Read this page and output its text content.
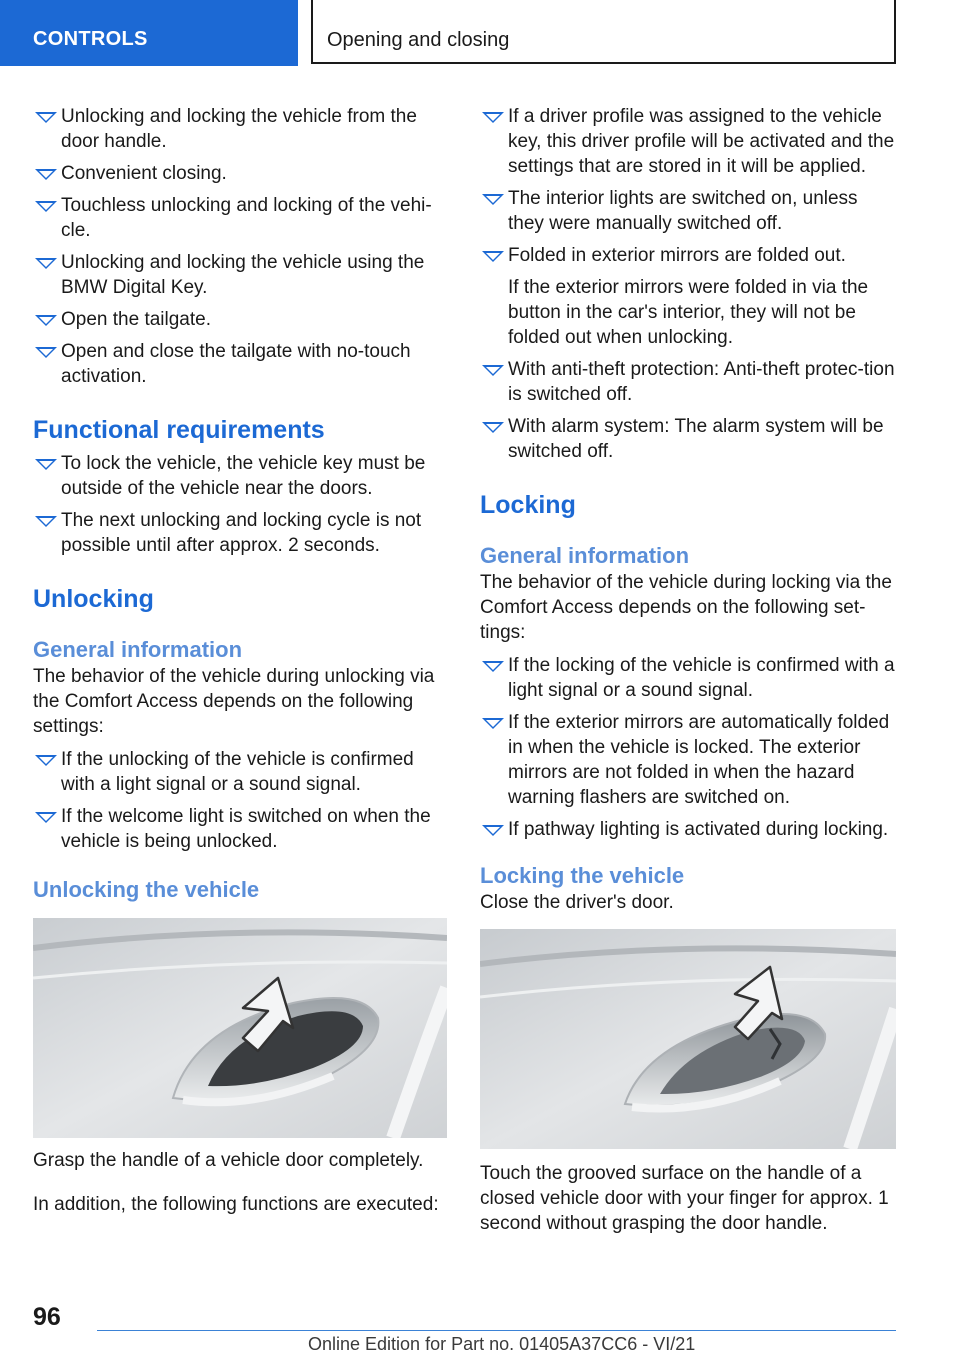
CONTROLS	Opening and closing
Unlocking and locking the vehicle from the door handle.
Convenient closing.
Touchless unlocking and locking of the vehi-cle.
Unlocking and locking the vehicle using the BMW Digital Key.
Open the tailgate.
Open and close the tailgate with no-touch activation.
Functional requirements
To lock the vehicle, the vehicle key must be outside of the vehicle near the doors.
The next unlocking and locking cycle is not possible until after approx. 2 seconds.
Unlocking
General information

The behavior of the vehicle during unlocking via the Comfort Access depends on the following settings:

If the unlocking of the vehicle is confirmed with a light signal or a sound signal.
If the welcome light is switched on when the vehicle is being unlocked.
Unlocking the vehicle

Grasp the handle of a vehicle door completely.

In addition, the following functions are executed:

If a driver profile was assigned to the vehicle key, this driver profile will be activated and the settings that are stored in it will be applied.
The interior lights are switched on, unless they were manually switched off.
Folded in exterior mirrors are folded out.

If the exterior mirrors were folded in via the button in the car's interior, they will not be folded out when unlocking.

With anti-theft protection: Anti-theft protec-tion is switched off.
With alarm system: The alarm system will be switched off.
Locking
General information

The behavior of the vehicle during locking via the Comfort Access depends on the following set-tings:

If the locking of the vehicle is confirmed with a light signal or a sound signal.
If the exterior mirrors are automatically folded in when the vehicle is locked. The exterior mirrors are not folded in when the hazard warning flashers are switched on.
If pathway lighting is activated during locking.
Locking the vehicle

Close the driver's door.

Touch the grooved surface on the handle of a closed vehicle door with your finger for approx. 1 second without grasping the door handle.

96
Online Edition for Part no. 01405A37CC6 - VI/21
